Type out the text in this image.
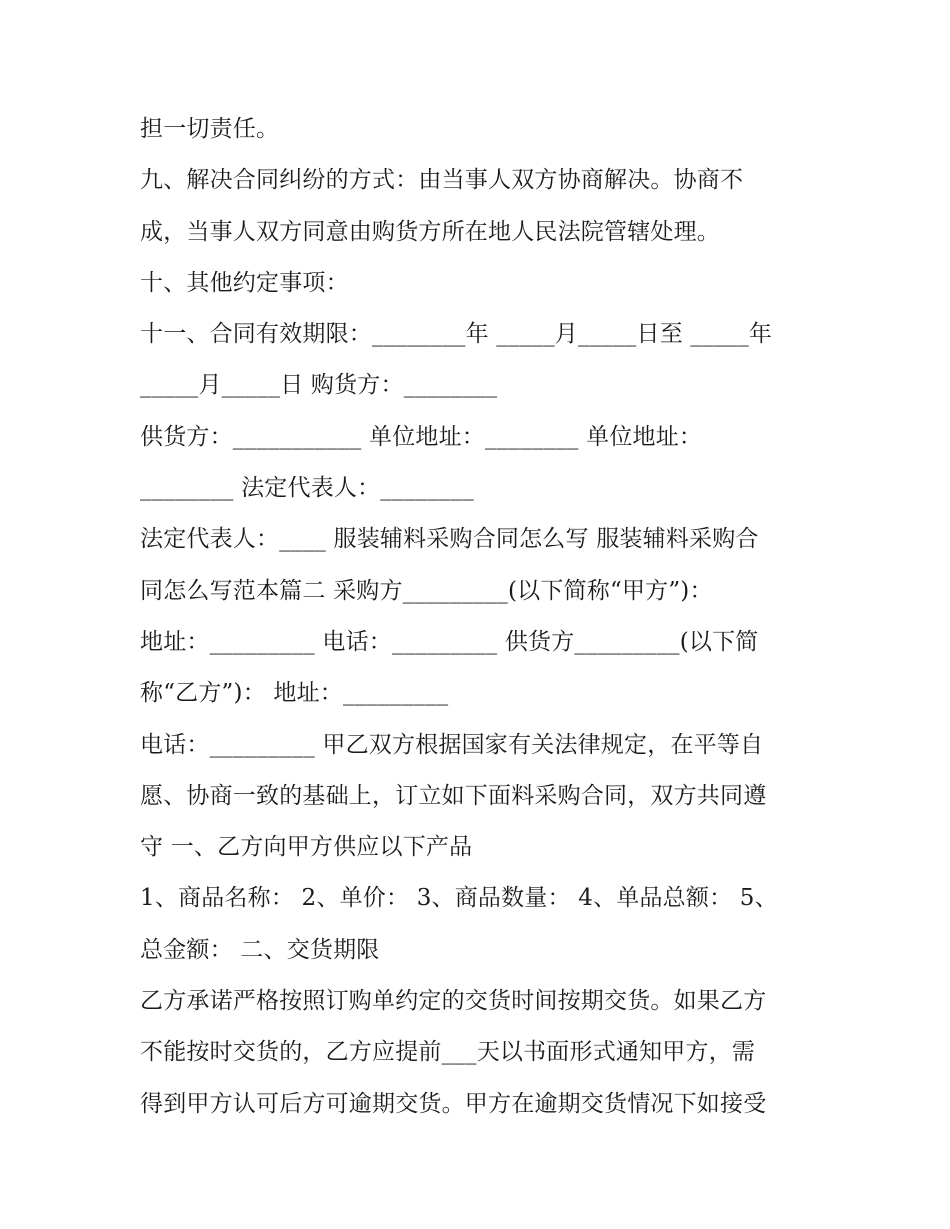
担一切责任。
九、解决合同纠纷的方式：由当事人双方协商解决。协商不
成，当事人双方同意由购货方所在地人民法院管辖处理。
十、其他约定事项：
十一、合同有效期限：________年 _____月_____日至 _____年
_____月_____日 购货方：________
供货方：___________ 单位地址：________ 单位地址：
________ 法定代表人：________
法定代表人：____ 服装辅料采购合同怎么写 服装辅料采购合
同怎么写范本篇二 采购方_________(以下简称“甲方”)：
地址：_________ 电话：_________ 供货方_________(以下简
称“乙方”)： 地址：_________
电话：_________ 甲乙双方根据国家有关法律规定，在平等自
愿、协商一致的基础上，订立如下面料采购合同，双方共同遵
守 一、乙方向甲方供应以下产品
1、商品名称： 2、单价： 3、商品数量： 4、单品总额： 5、
总金额： 二、交货期限
乙方承诺严格按照订购单约定的交货时间按期交货。如果乙方
不能按时交货的，乙方应提前___天以书面形式通知甲方，需
得到甲方认可后方可逾期交货。甲方在逾期交货情况下如接受
